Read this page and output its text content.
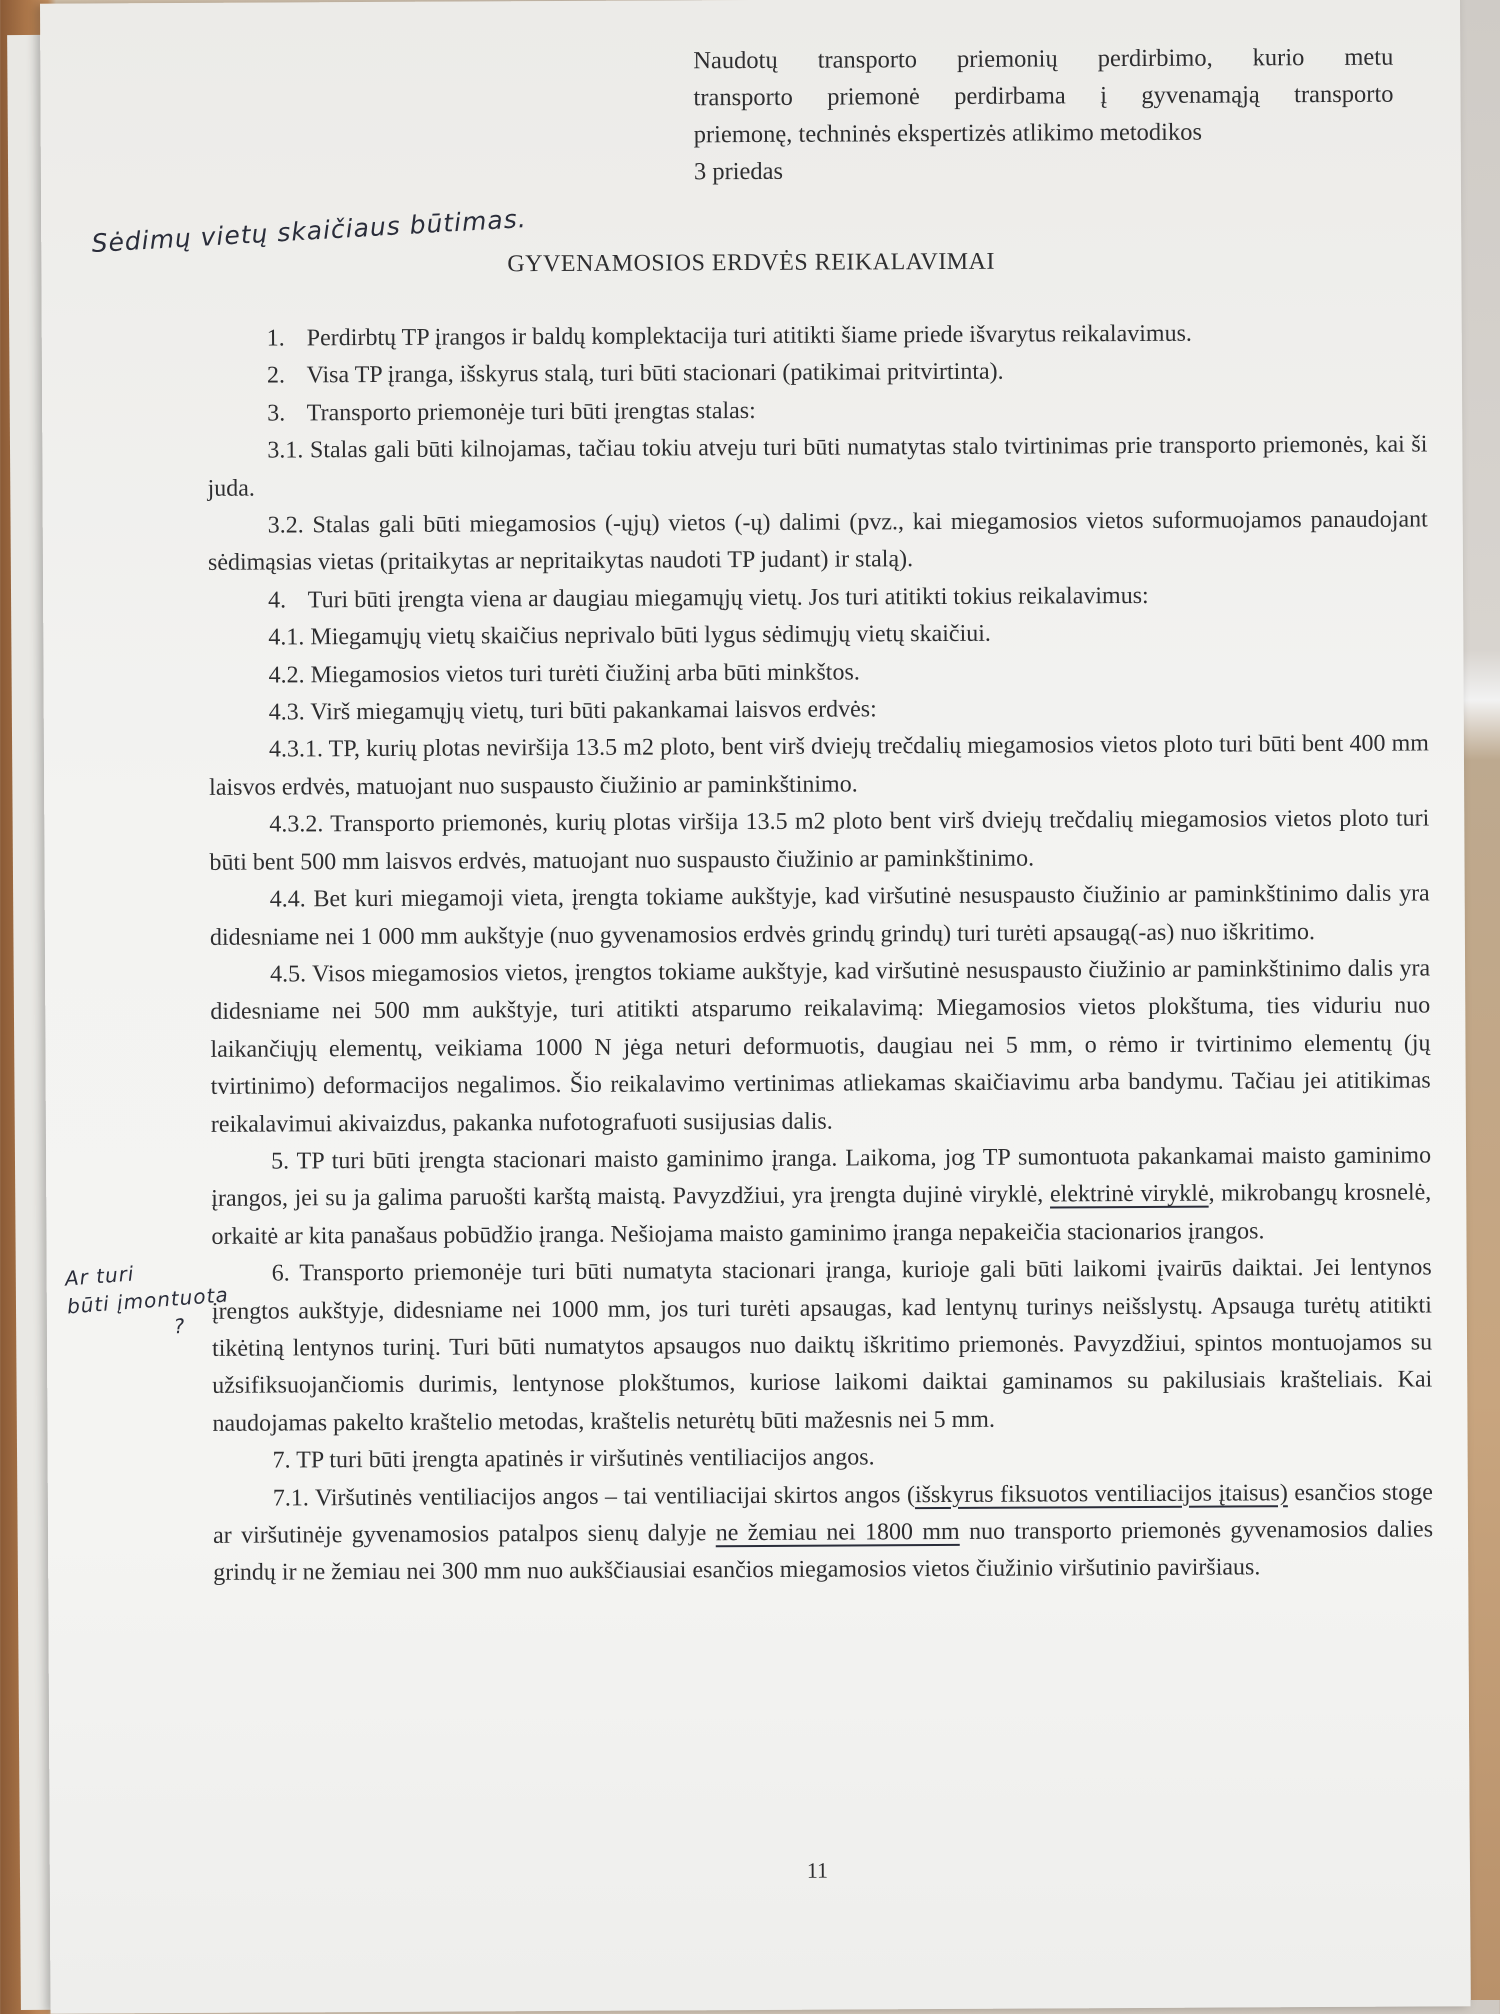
Naudotų transporto priemonių perdirbimo, kurio metu
transporto priemonė perdirbama į gyvenamąją transporto
priemonę, techninės ekspertizės atlikimo metodikos
3 priedas
Sėdimų vietų skaičiaus būtimas.
GYVENAMOSIOS ERDVĖS REIKALAVIMAI

1. Perdirbtų TP įrangos ir baldų komplektacija turi atitikti šiame priede išvarytus reikalavimus.

2. Visa TP įranga, išskyrus stalą, turi būti stacionari (patikimai pritvirtinta).

3. Transporto priemonėje turi būti įrengtas stalas:

3.1. Stalas gali būti kilnojamas, tačiau tokiu atveju turi būti numatytas stalo tvirtinimas prie transporto priemonės, kai ši juda.

3.2. Stalas gali būti miegamosios (-ųjų) vietos (-ų) dalimi (pvz., kai miegamosios vietos suformuojamos panaudojant sėdimąsias vietas (pritaikytas ar nepritaikytas naudoti TP judant) ir stalą).

4. Turi būti įrengta viena ar daugiau miegamųjų vietų. Jos turi atitikti tokius reikalavimus:

4.1. Miegamųjų vietų skaičius neprivalo būti lygus sėdimųjų vietų skaičiui.

4.2. Miegamosios vietos turi turėti čiužinį arba būti minkštos.

4.3. Virš miegamųjų vietų, turi būti pakankamai laisvos erdvės:

4.3.1. TP, kurių plotas neviršija 13.5 m2 ploto, bent virš dviejų trečdalių miegamosios vietos ploto turi būti bent 400 mm laisvos erdvės, matuojant nuo suspausto čiužinio ar paminkštinimo.

4.3.2. Transporto priemonės, kurių plotas viršija 13.5 m2 ploto bent virš dviejų trečdalių miegamosios vietos ploto turi būti bent 500 mm laisvos erdvės, matuojant nuo suspausto čiužinio ar paminkštinimo.

4.4. Bet kuri miegamoji vieta, įrengta tokiame aukštyje, kad viršutinė nesuspausto čiužinio ar paminkštinimo dalis yra didesniame nei 1 000 mm aukštyje (nuo gyvenamosios erdvės grindų grindų) turi turėti apsaugą(-as) nuo iškritimo.

4.5. Visos miegamosios vietos, įrengtos tokiame aukštyje, kad viršutinė nesuspausto čiužinio ar paminkštinimo dalis yra didesniame nei 500 mm aukštyje, turi atitikti atsparumo reikalavimą: Miegamosios vietos plokštuma, ties viduriu nuo laikančiųjų elementų, veikiama 1000 N jėga neturi deformuotis, daugiau nei 5 mm, o rėmo ir tvirtinimo elementų (jų tvirtinimo) deformacijos negalimos. Šio reikalavimo vertinimas atliekamas skaičiavimu arba bandymu. Tačiau jei atitikimas reikalavimui akivaizdus, pakanka nufotografuoti susijusias dalis.

5. TP turi būti įrengta stacionari maisto gaminimo įranga. Laikoma, jog TP sumontuota pakankamai maisto gaminimo įrangos, jei su ja galima paruošti karštą maistą. Pavyzdžiui, yra įrengta dujinė viryklė, elektrinė viryklė, mikrobangų krosnelė, orkaitė ar kita panašaus pobūdžio įranga. Nešiojama maisto gaminimo įranga nepakeičia stacionarios įrangos.

6. Transporto priemonėje turi būti numatyta stacionari įranga, kurioje gali būti laikomi įvairūs daiktai. Jei lentynos įrengtos aukštyje, didesniame nei 1000 mm, jos turi turėti apsaugas, kad lentynų turinys neišslystų. Apsauga turėtų atitikti tikėtiną lentynos turinį. Turi būti numatytos apsaugos nuo daiktų iškritimo priemonės. Pavyzdžiui, spintos montuojamos su užsifiksuojančiomis durimis, lentynose plokštumos, kuriose laikomi daiktai gaminamos su pakilusiais krašteliais. Kai naudojamas pakelto kraštelio metodas, kraštelis neturėtų būti mažesnis nei 5 mm.

7. TP turi būti įrengta apatinės ir viršutinės ventiliacijos angos.

7.1. Viršutinės ventiliacijos angos – tai ventiliacijai skirtos angos (išskyrus fiksuotos ventiliacijos įtaisus) esančios stoge ar viršutinėje gyvenamosios patalpos sienų dalyje ne žemiau nei 1800 mm nuo transporto priemonės gyvenamosios dalies grindų ir ne žemiau nei 300 mm nuo aukščiausiai esančios miegamosios vietos čiužinio viršutinio paviršiaus.

Ar turi
būti įmontuota
?
11
